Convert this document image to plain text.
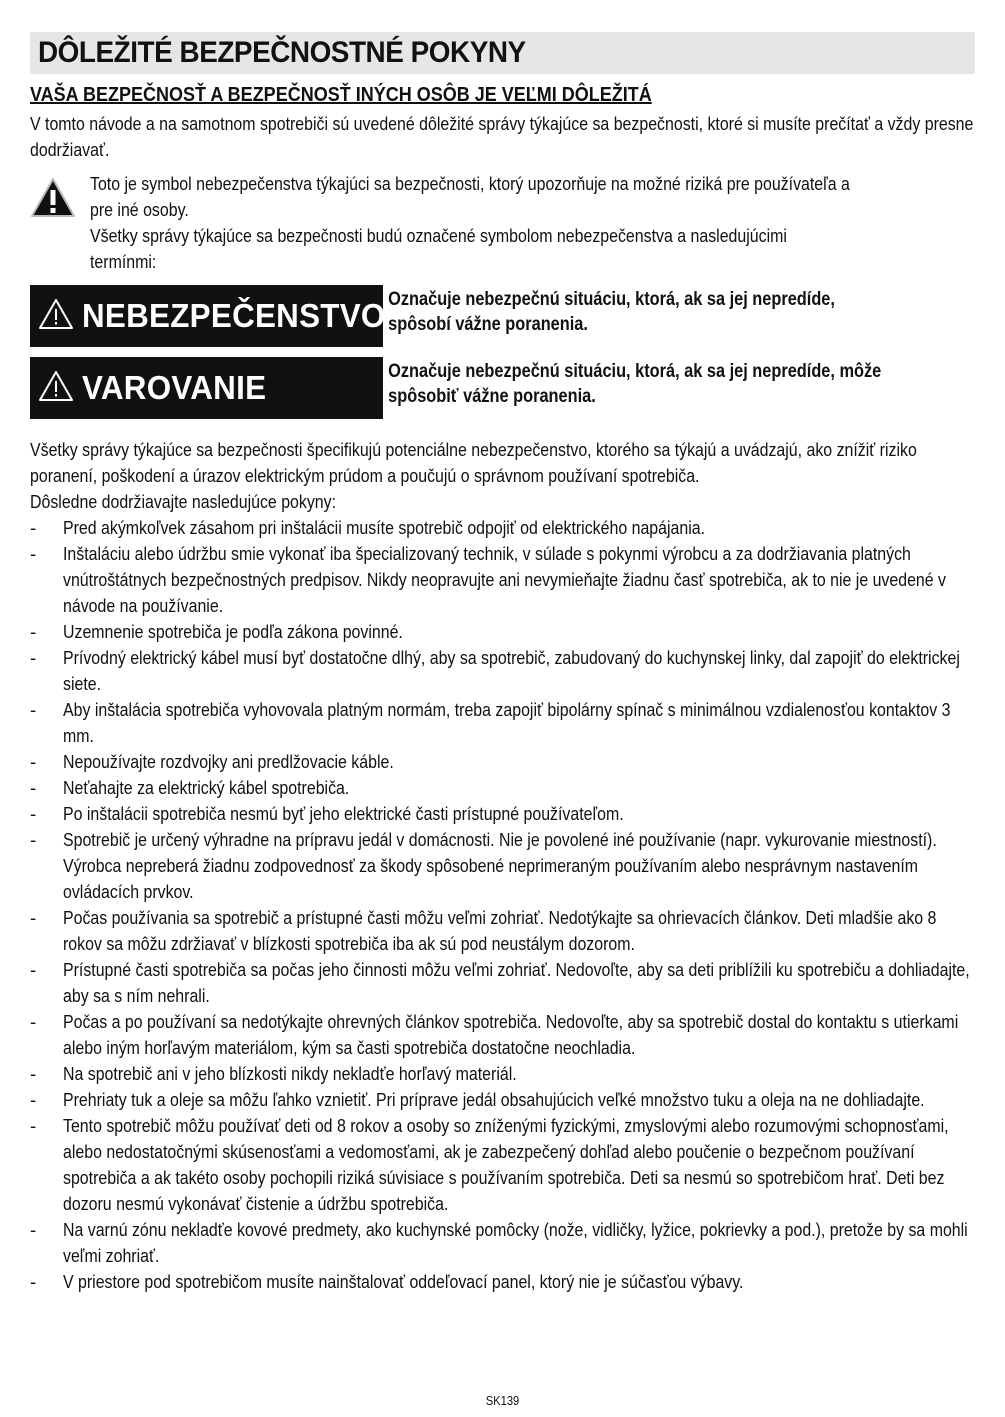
DÔLEŽITÉ BEZPEČNOSTNÉ POKYNY
VAŠA BEZPEČNOSŤ A BEZPEČNOSŤ INÝCH OSÔB JE VEĽMI DÔLEŽITÁ
V tomto návode a na samotnom spotrebiči sú uvedené dôležité správy týkajúce sa bezpečnosti, ktoré si musíte prečítať a vždy presne dodržiavať.
Toto je symbol nebezpečenstva týkajúci sa bezpečnosti, ktorý upozorňuje na možné riziká pre používateľa a pre iné osoby.
Všetky správy týkajúce sa bezpečnosti budú označené symbolom nebezpečenstva a nasledujúcimi termínmi:
NEBEZPEČENSTVO Označuje nebezpečnú situáciu, ktorá, ak sa jej nepredíde, spôsobí vážne poranenia.
VAROVANIE	Označuje nebezpečnú situáciu, ktorá, ak sa jej nepredíde, môže spôsobiť vážne poranenia.
Všetky správy týkajúce sa bezpečnosti špecifikujú potenciálne nebezpečenstvo, ktorého sa týkajú a uvádzajú, ako znížiť riziko poranení, poškodení a úrazov elektrickým prúdom a poučujú o správnom používaní spotrebiča.
Dôsledne dodržiavajte nasledujúce pokyny:
- Pred akýmkoľvek zásahom pri inštalácii musíte spotrebič odpojiť od elektrického napájania.
- Inštaláciu alebo údržbu smie vykonať iba špecializovaný technik, v súlade s pokynmi výrobcu a za dodržiavania platných vnútroštátnych bezpečnostných predpisov. Nikdy neopravujte ani nevymieňajte žiadnu časť spotrebiča, ak to nie je uvedené v návode na používanie.
- Uzemnenie spotrebiča je podľa zákona povinné.
- Prívodný elektrický kábel musí byť dostatočne dlhý, aby sa spotrebič, zabudovaný do kuchynskej linky, dal zapojiť do elektrickej siete.
- Aby inštalácia spotrebiča vyhovovala platným normám, treba zapojiť bipolárny spínač s minimálnou vzdialenosťou kontaktov 3 mm.
- Nepoužívajte rozdvojky ani predlžovacie káble.
- Neťahajte za elektrický kábel spotrebiča.
- Po inštalácii spotrebiča nesmú byť jeho elektrické časti prístupné používateľom.
- Spotrebič je určený výhradne na prípravu jedál v domácnosti. Nie je povolené iné používanie (napr. vykurovanie miestností). Výrobca nepreberá žiadnu zodpovednosť za škody spôsobené neprimeraným používaním alebo nesprávnym nastavením ovládacích prvkov.
- Počas používania sa spotrebič a prístupné časti môžu veľmi zohriať. Nedotýkajte sa ohrievacích článkov. Deti mladšie ako 8 rokov sa môžu zdržiavať v blízkosti spotrebiča iba ak sú pod neustálym dozorom.
- Prístupné časti spotrebiča sa počas jeho činnosti môžu veľmi zohriať. Nedovoľte, aby sa deti priblížili ku spotrebiču a dohliadajte, aby sa s ním nehrali.
- Počas a po používaní sa nedotýkajte ohrevných článkov spotrebiča. Nedovoľte, aby sa spotrebič dostal do kontaktu s utierkami alebo iným horľavým materiálom, kým sa časti spotrebiča dostatočne neochladia.
- Na spotrebič ani v jeho blízkosti nikdy nekladťe horľavý materiál.
- Prehriaty tuk a oleje sa môžu ľahko vznietiť. Pri príprave jedál obsahujúcich veľké množstvo tuku a oleja na ne dohliadajte.
- Tento spotrebič môžu používať deti od 8 rokov a osoby so zníženými fyzickými, zmyslovými alebo rozumovými schopnosťami, alebo nedostatočnými skúsenosťami a vedomosťami, ak je zabezpečený dohľad alebo poučenie o bezpečnom používaní spotrebiča a ak takéto osoby pochopili riziká súvisiace s používaním spotrebiča. Deti sa nesmú so spotrebičom hrať. Deti bez dozoru nesmú vykonávať čistenie a údržbu spotrebiča.
- Na varnú zónu nekladťe kovové predmety, ako kuchynské pomôcky (nože, vidličky, lyžice, pokrievky a pod.), pretože by sa mohli veľmi zohriať.
- V priestore pod spotrebičom musíte nainštalovať oddeľovací panel, ktorý nie je súčasťou výbavy.
SK139
